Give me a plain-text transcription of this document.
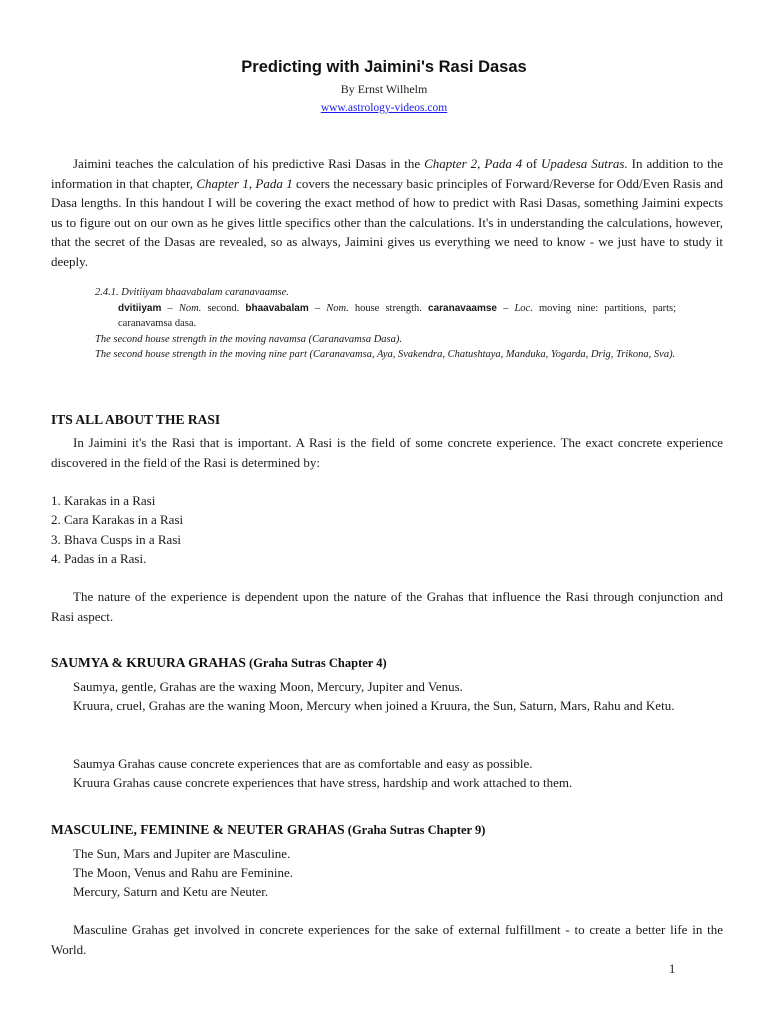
Predicting with Jaimini's Rasi Dasas
By Ernst Wilhelm
www.astrology-videos.com
Jaimini teaches the calculation of his predictive Rasi Dasas in the Chapter 2, Pada 4 of Upadesa Sutras. In addition to the information in that chapter, Chapter 1, Pada 1 covers the necessary basic principles of Forward/Reverse for Odd/Even Rasis and Dasa lengths. In this handout I will be covering the exact method of how to predict with Rasi Dasas, something Jaimini expects us to figure out on our own as he gives little specifics other than the calculations. It's in understanding the calculations, however, that the secret of the Dasas are revealed, so as always, Jaimini gives us everything we need to know - we just have to study it deeply.
2.4.1. Dvitiiyam bhaavabalam caranavaamse.
dvitiiyam – Nom. second. bhaavabalam – Nom. house strength. caranavaamse – Loc. moving nine: partitions, parts; caranavamsa dasa.
The second house strength in the moving navamsa (Caranavamsa Dasa).
The second house strength in the moving nine part (Caranavamsa, Aya, Svakendra, Chatushtaya, Manduka, Yogarda, Drig, Trikona, Sva).
ITS ALL ABOUT THE RASI
In Jaimini it's the Rasi that is important. A Rasi is the field of some concrete experience. The exact concrete experience discovered in the field of the Rasi is determined by:
1. Karakas in a Rasi
2. Cara Karakas in a Rasi
3. Bhava Cusps in a Rasi
4. Padas in a Rasi.
The nature of the experience is dependent upon the nature of the Grahas that influence the Rasi through conjunction and Rasi aspect.
SAUMYA & KRUURA GRAHAS (Graha Sutras Chapter 4)
Saumya, gentle, Grahas are the waxing Moon, Mercury, Jupiter and Venus.
Kruura, cruel, Grahas are the waning Moon, Mercury when joined a Kruura, the Sun, Saturn, Mars, Rahu and Ketu.
Saumya Grahas cause concrete experiences that are as comfortable and easy as possible.
Kruura Grahas cause concrete experiences that have stress, hardship and work attached to them.
MASCULINE, FEMININE & NEUTER GRAHAS (Graha Sutras Chapter 9)
The Sun, Mars and Jupiter are Masculine.
The Moon, Venus and Rahu are Feminine.
Mercury, Saturn and Ketu are Neuter.
Masculine Grahas get involved in concrete experiences for the sake of external fulfillment - to create a better life in the World.
1
